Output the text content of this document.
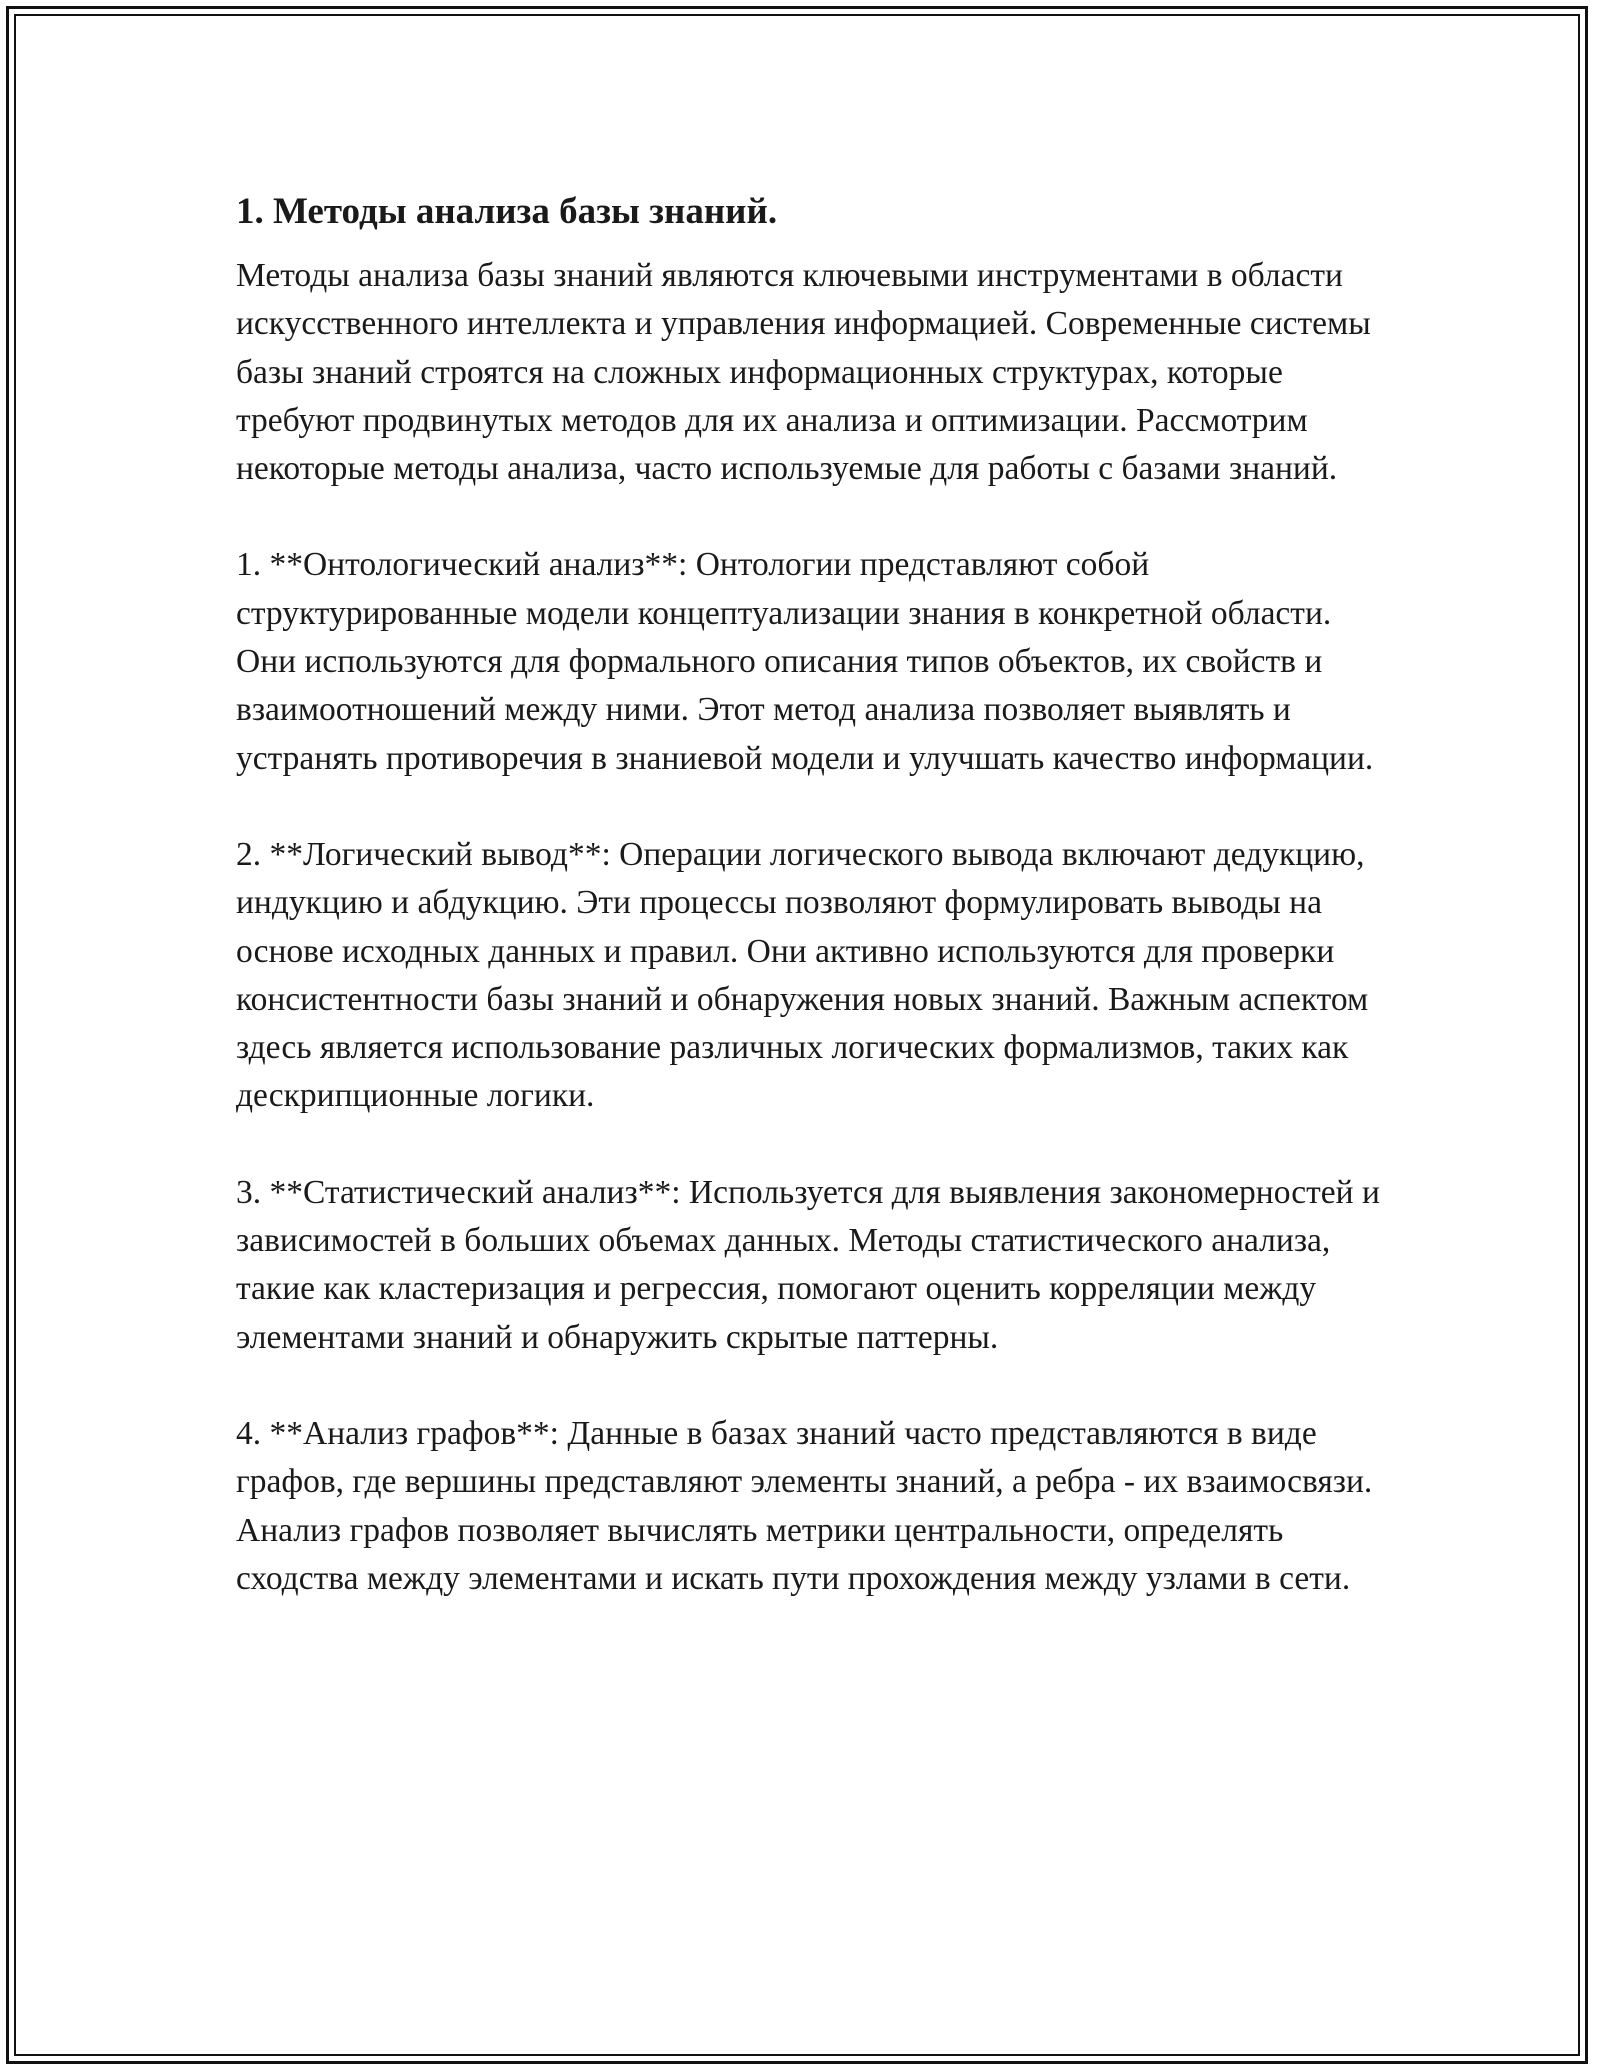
1. Методы анализа базы знаний.

Методы анализа базы знаний являются ключевыми инструментами в области искусственного интеллекта и управления информацией. Современные системы базы знаний строятся на сложных информационных структурах, которые требуют продвинутых методов для их анализа и оптимизации. Рассмотрим некоторые методы анализа, часто используемые для работы с базами знаний.

1. **Онтологический анализ**: Онтологии представляют собой структурированные модели концептуализации знания в конкретной области. Они используются для формального описания типов объектов, их свойств и взаимоотношений между ними. Этот метод анализа позволяет выявлять и устранять противоречия в знаниевой модели и улучшать качество информации.

2. **Логический вывод**: Операции логического вывода включают дедукцию, индукцию и абдукцию. Эти процессы позволяют формулировать выводы на основе исходных данных и правил. Они активно используются для проверки консистентности базы знаний и обнаружения новых знаний. Важным аспектом здесь является использование различных логических формализмов, таких как дескрипционные логики.

3. **Статистический анализ**: Используется для выявления закономерностей и зависимостей в больших объемах данных. Методы статистического анализа, такие как кластеризация и регрессия, помогают оценить корреляции между элементами знаний и обнаружить скрытые паттерны.

4. **Анализ графов**: Данные в базах знаний часто представляются в виде графов, где вершины представляют элементы знаний, а ребра - их взаимосвязи. Анализ графов позволяет вычислять метрики центральности, определять сходства между элементами и искать пути прохождения между узлами в сети.
